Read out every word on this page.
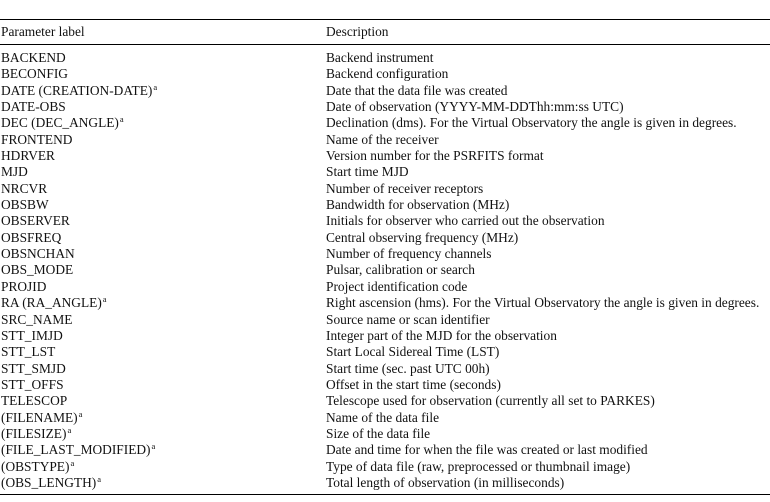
Parameter label	Description
BACKEND	Backend instrument
BECONFIG	Backend configuration
DATE (CREATION-DATE)$^a$	Date that the data file was created
DATE-OBS	Date of observation (YYYY-MM-DDThh:mm:ss UTC)
DEC (DEC_ANGLE)$^a$	Declination (dms). For the Virtual Observatory the angle is given in degrees.
FRONTEND	Name of the receiver
HDRVER	Version number for the PSRFITS format
MJD	Start time MJD
NRCVR	Number of receiver receptors
OBSBW	Bandwidth for observation (MHz)
OBSERVER	Initials for observer who carried out the observation
OBSFREQ	Central observing frequency (MHz)
OBSNCHAN	Number of frequency channels
OBS_MODE	Pulsar, calibration or search
PROJID	Project identification code
RA (RA_ANGLE)$^a$	Right ascension (hms). For the Virtual Observatory the angle is given in degrees.
SRC_NAME	Source name or scan identifier
STT_IMJD	Integer part of the MJD for the observation
STT_LST	Start Local Sidereal Time (LST)
STT_SMJD	Start time (sec. past UTC 00h)
STT_OFFS	Offset in the start time (seconds)
TELESCOP	Telescope used for observation (currently all set to PARKES)
(FILENAME)$^a$	Name of the data file
(FILESIZE)$^a$	Size of the data file
(FILE_LAST_MODIFIED)$^a$	Date and time for when the file was created or last modified
(OBSTYPE)$^a$	Type of data file (raw, preprocessed or thumbnail image)
(OBS_LENGTH)$^a$	Total length of observation (in milliseconds)
